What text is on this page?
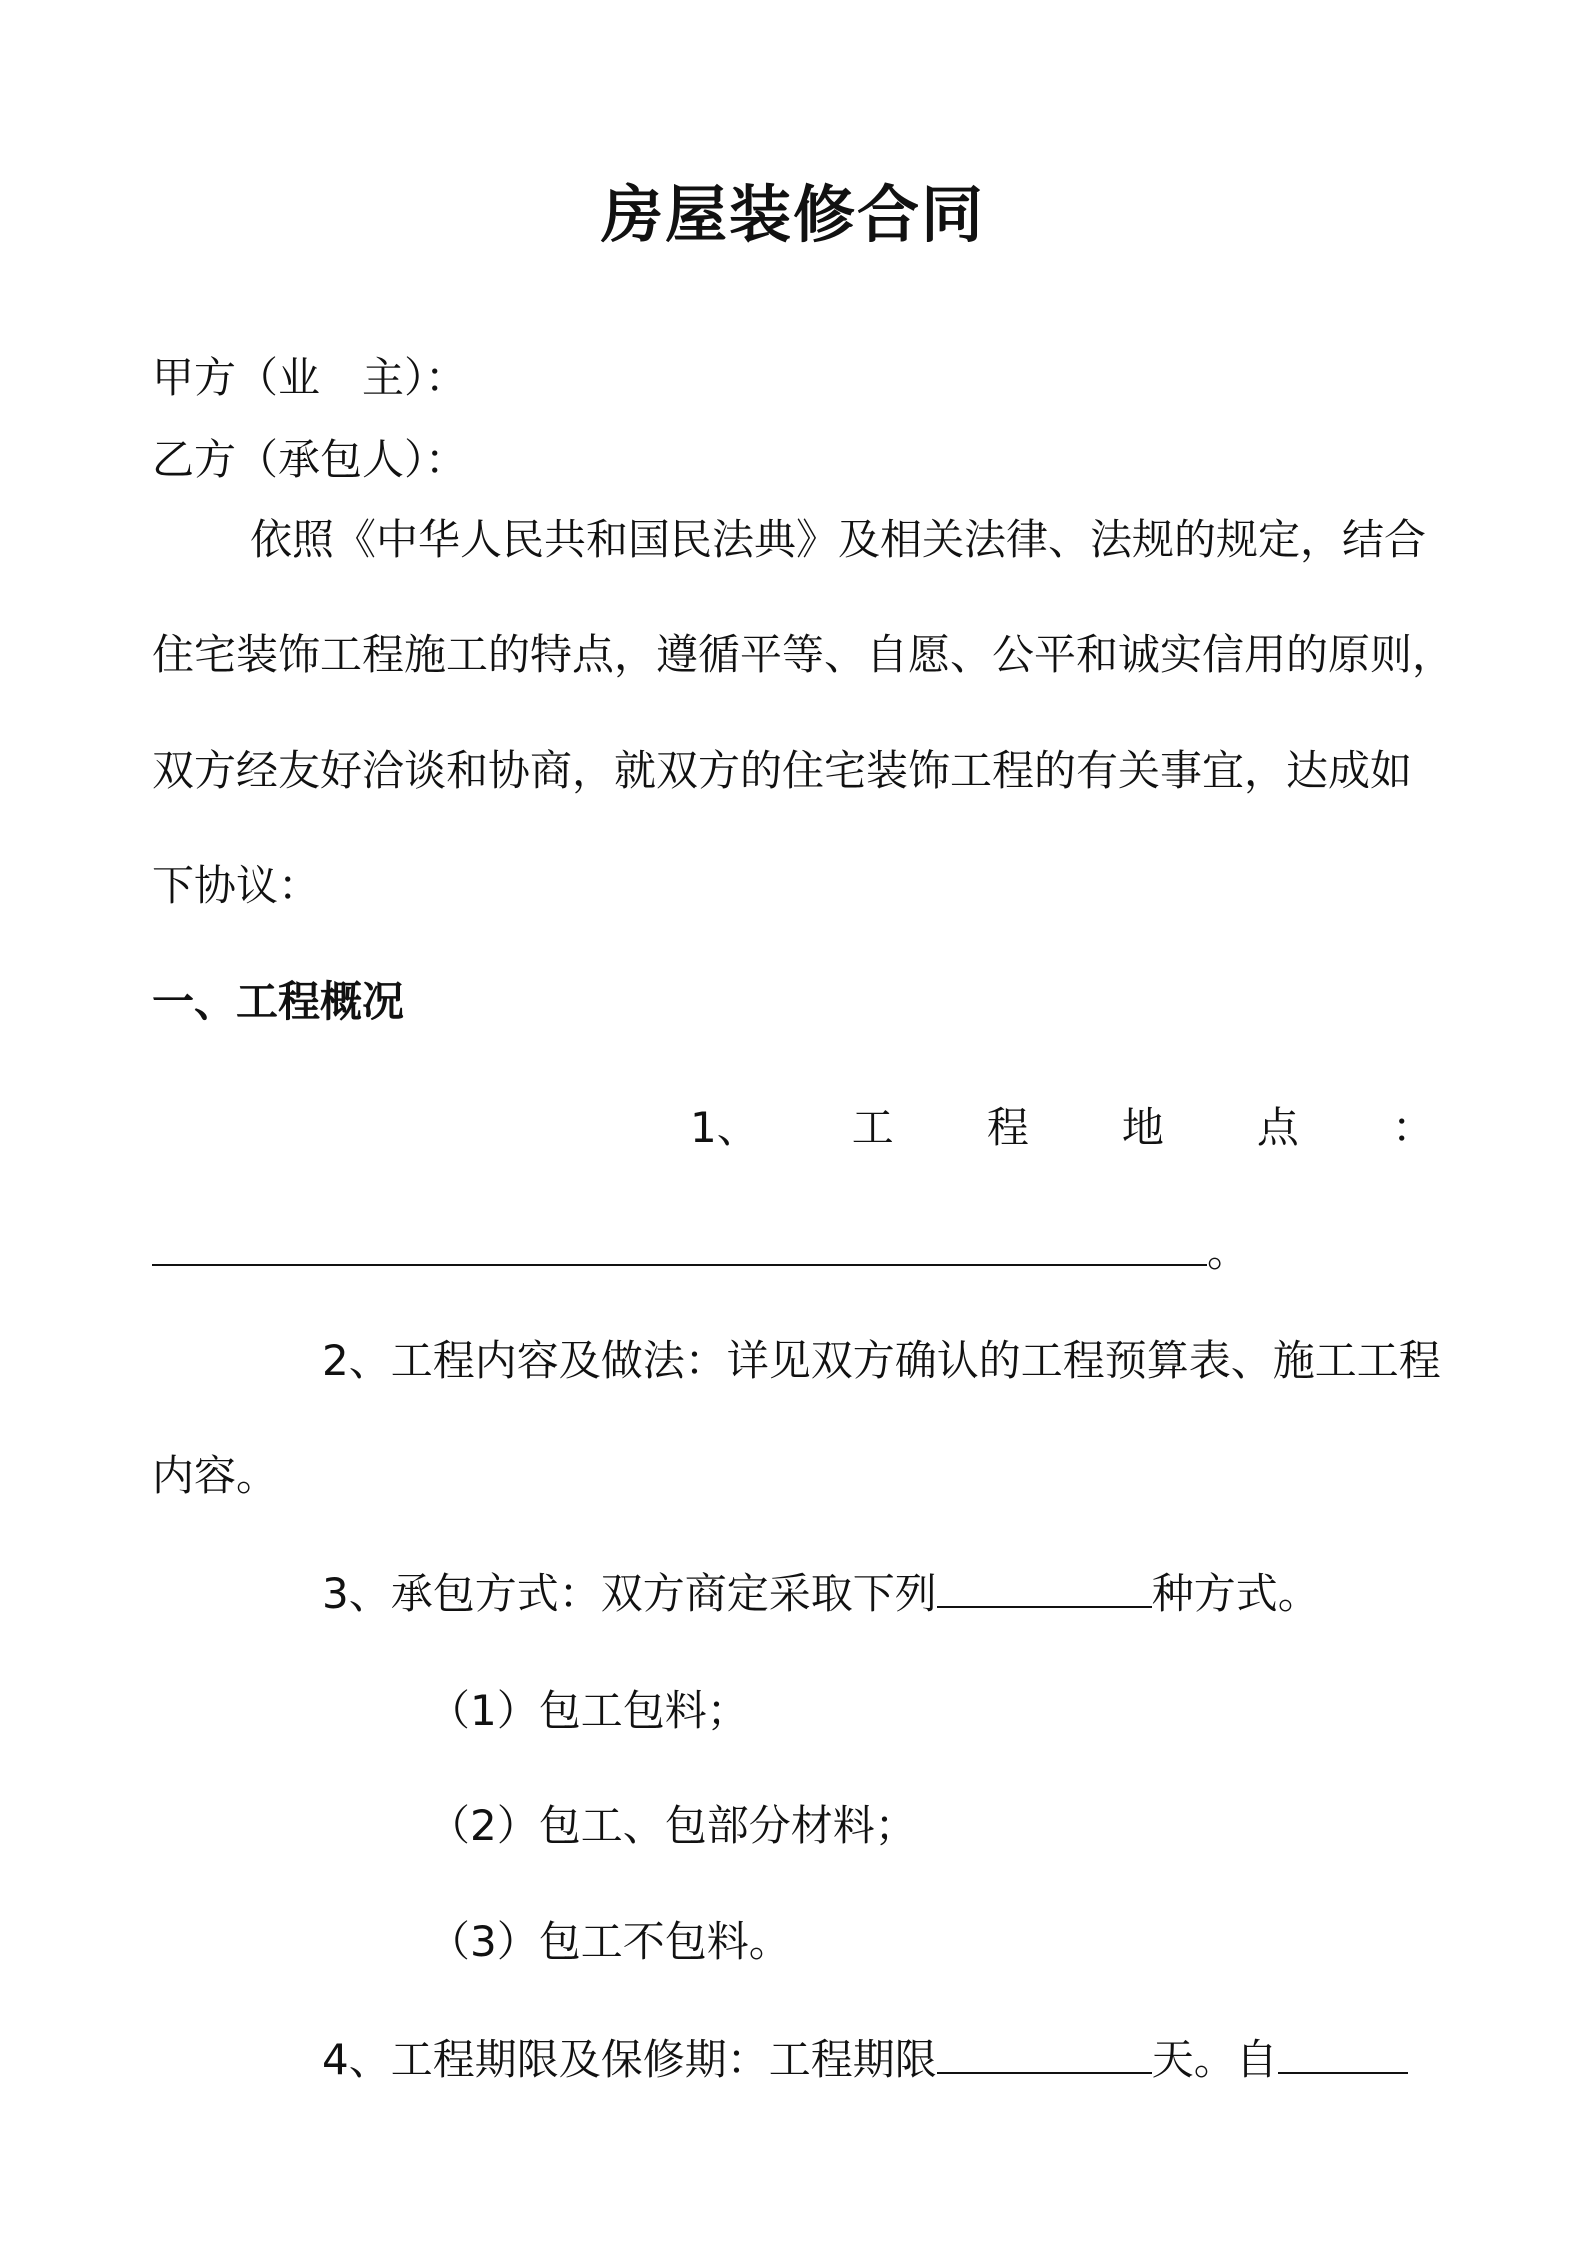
房屋装修合同

甲方（业　主）：

乙方（承包人）：

依照《中华人民共和国民法典》及相关法律、法规的规定，结合

住宅装饰工程施工的特点，遵循平等、自愿、公平和诚实信用的原则，

双方经友好洽谈和协商，就双方的住宅装饰工程的有关事宜，达成如

下协议：

一、工程概况

1、 工 程 地 点 ：
。

2、工程内容及做法：详见双方确认的工程预算表、施工工程

内容。

3、承包方式：双方商定采取下列	种方式。

（1）包工包料；

（2）包工、包部分材料；

（3）包工不包料。

4、工程期限及保修期：工程期限	天。自
